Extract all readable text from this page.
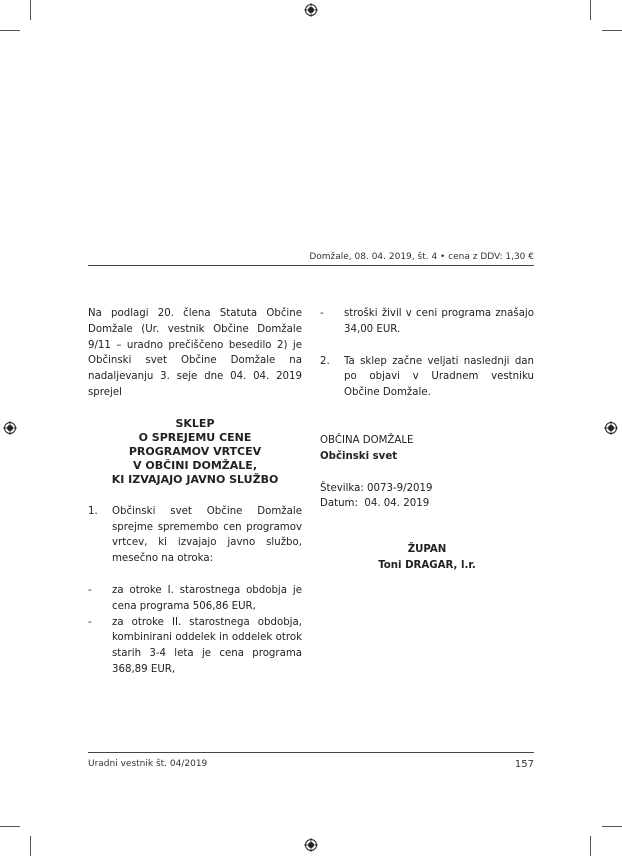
Domžale, 08. 04. 2019, št. 4 • cena z DDV: 1,30 €

Na podlagi 20. člena Statuta Občine Domžale (Ur. vestnik Občine Domžale 9/11 – uradno prečiščeno besedilo 2) je Občinski svet Občine Domžale na nadaljevanju 3. seje dne 04. 04. 2019 sprejel

SKLEP

O SPREJEMU CENE

PROGRAMOV VRTCEV

V OBČINI DOMŽALE,

KI IZVAJAJO JAVNO SLUŽBO

1. Občinski svet Občine Domžale sprejme spremembo cen programov vrtcev, ki izvajajo javno službo, mesečno na otroka:
- za otroke I. starostnega obdobja je cena programa 506,86 EUR,
- za otroke II. starostnega obdobja, kombinirani oddelek in oddelek otrok starih 3-4 leta je cena programa 368,89 EUR,
- stroški živil v ceni programa znašajo 34,00 EUR.
2. Ta sklep začne veljati naslednji dan po objavi v Uradnem vestniku Občine Domžale.

OBČINA DOMŽALE

Občinski svet

Številka: 0073-9/2019

Datum:  04. 04. 2019

ŽUPAN

Toni DRAGAR, l.r.

Uradni vestnik št. 04/2019	157
